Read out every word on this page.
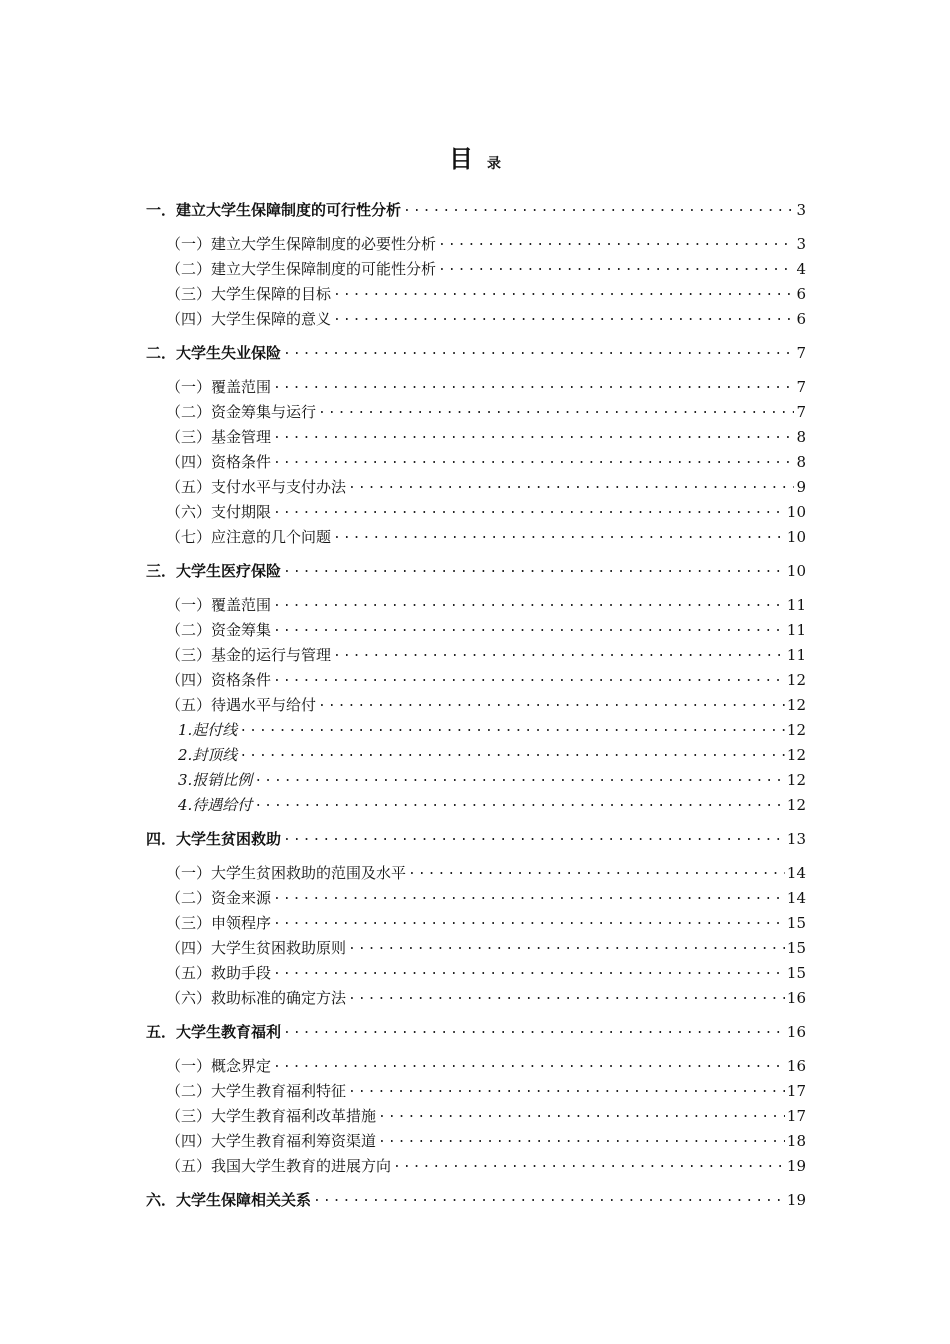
目 录
一．建立大学生保障制度的可行性分析 .....	3
（一）建立大学生保障制度的必要性分析 .....	3
（二）建立大学生保障制度的可能性分析 .....	4
（三）大学生保障的目标 .....	6
（四）大学生保障的意义 .....	6
二．大学生失业保险 .....	7
（一）覆盖范围 .....	7
（二）资金筹集与运行 .....	7
（三）基金管理 .....	8
（四）资格条件 .....	8
（五）支付水平与支付办法 .....	9
（六）支付期限 .....	10
（七）应注意的几个问题 .....	10
三．大学生医疗保险 .....	10
（一）覆盖范围 .....	11
（二）资金筹集 .....	11
（三）基金的运行与管理 .....	11
（四）资格条件 .....	12
（五）待遇水平与给付 .....	12
1.起付线 .....	12
2.封顶线 .....	12
3.报销比例 .....	12
4.待遇给付 .....	12
四．大学生贫困救助 .....	13
（一）大学生贫困救助的范围及水平 .....	14
（二）资金来源 .....	14
（三）申领程序 .....	15
（四）大学生贫困救助原则 .....	15
（五）救助手段 .....	15
（六）救助标准的确定方法 .....	16
五．大学生教育福利 .....	16
（一）概念界定 .....	16
（二）大学生教育福利特征 .....	17
（三）大学生教育福利改革措施 .....	17
（四）大学生教育福利筹资渠道 .....	18
（五）我国大学生教育的进展方向 .....	19
六．大学生保障相关关系 .....	19
